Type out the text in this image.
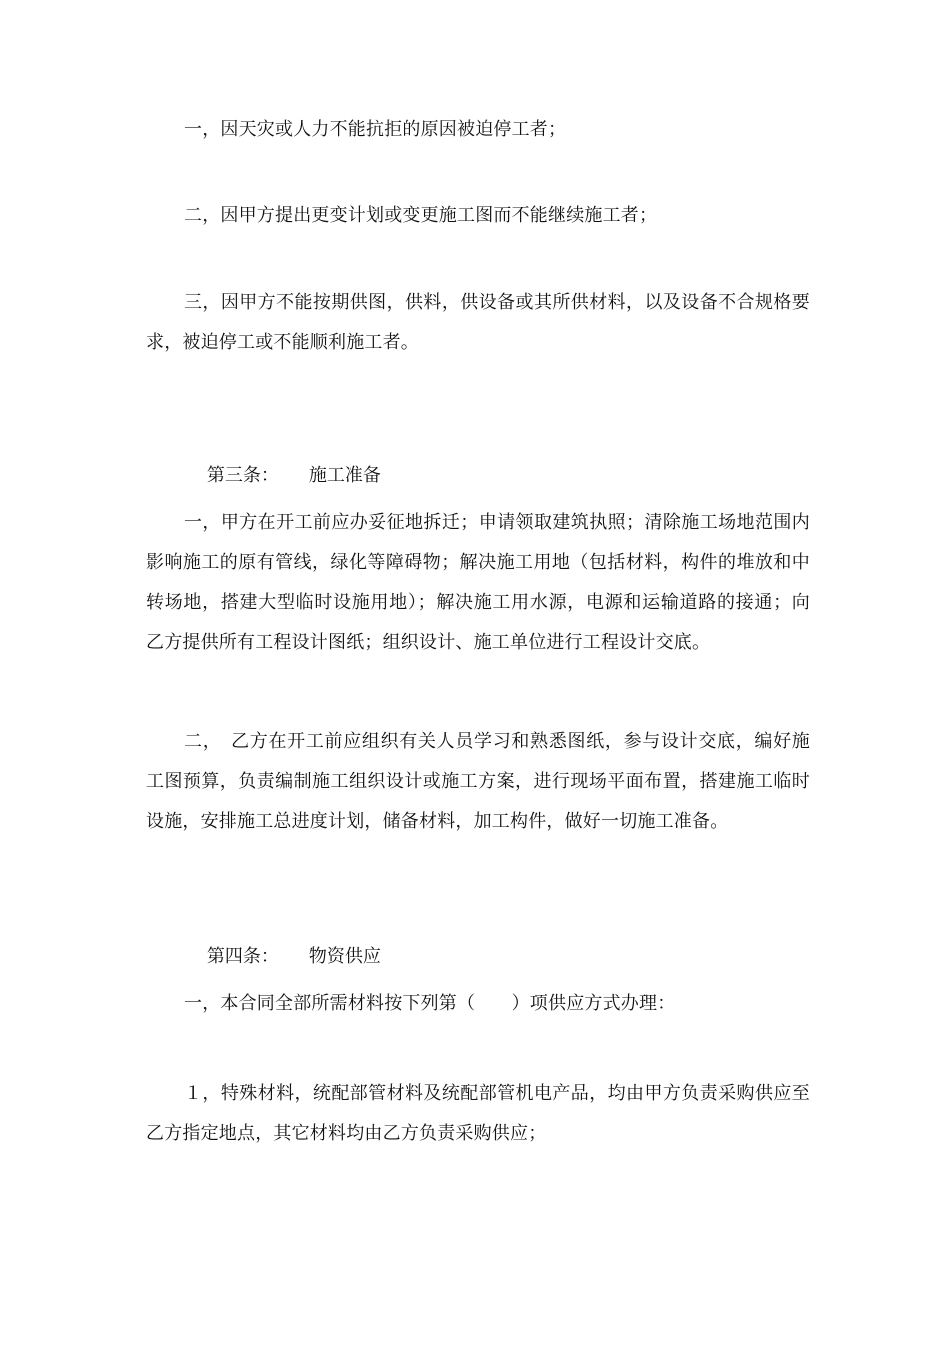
一，因天灾或人力不能抗拒的原因被迫停工者；

二，因甲方提出更变计划或变更施工图而不能继续施工者；

三，因甲方不能按期供图，供料，供设备或其所供材料，以及设备不合规格要求，被迫停工或不能顺利施工者。

第三条： 施工准备

一，甲方在开工前应办妥征地拆迁；申请领取建筑执照；清除施工场地范围内影响施工的原有管线，绿化等障碍物；解决施工用地（包括材料，构件的堆放和中转场地，搭建大型临时设施用地）；解决施工用水源，电源和运输道路的接通；向乙方提供所有工程设计图纸；组织设计、施工单位进行工程设计交底。

二，　乙方在开工前应组织有关人员学习和熟悉图纸，参与设计交底，编好施工图预算，负责编制施工组织设计或施工方案，进行现场平面布置，搭建施工临时设施，安排施工总进度计划，储备材料，加工构件，做好一切施工准备。

第四条： 物资供应

一，本合同全部所需材料按下列第（　　）项供应方式办理：

１，特殊材料，统配部管材料及统配部管机电产品，均由甲方负责采购供应至乙方指定地点，其它材料均由乙方负责采购供应；
